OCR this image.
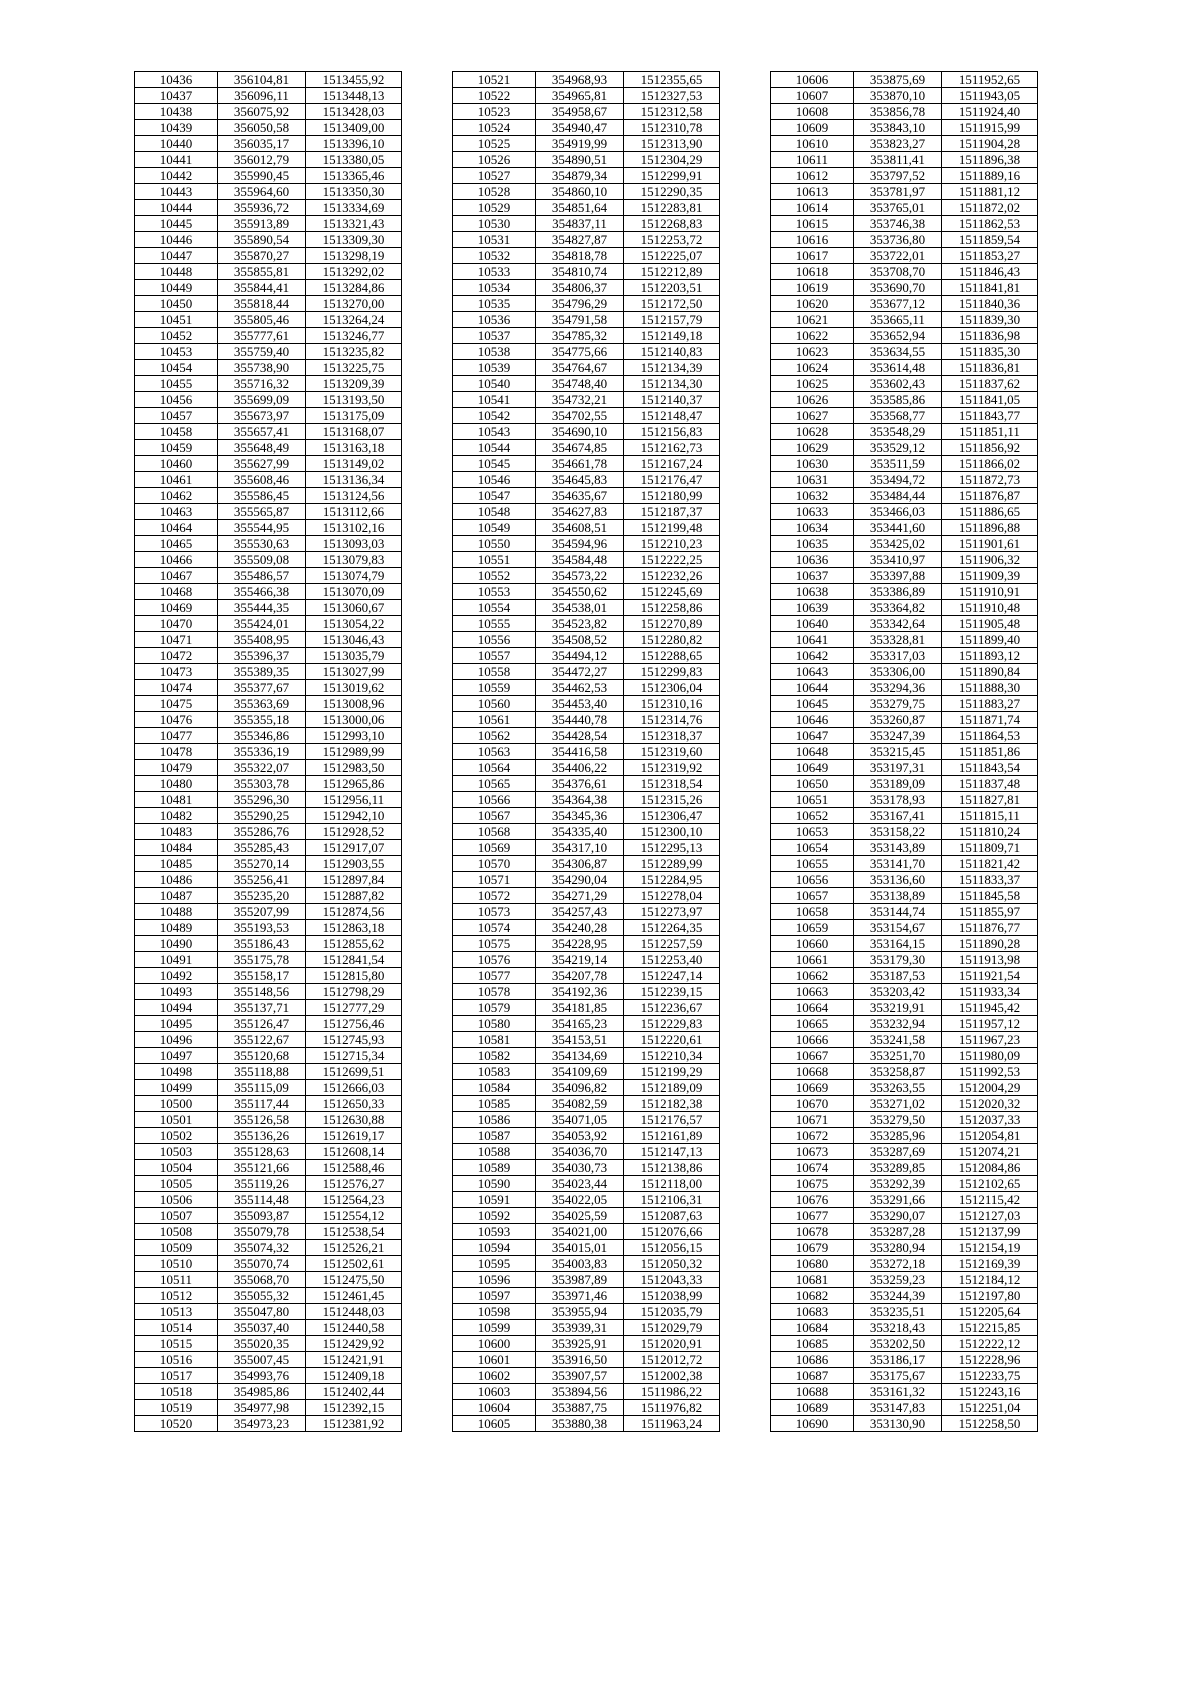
10436	356104,81	1513455,92
10437	356096,11	1513448,13
10438	356075,92	1513428,03
10439	356050,58	1513409,00
10440	356035,17	1513396,10
10441	356012,79	1513380,05
10442	355990,45	1513365,46
10443	355964,60	1513350,30
10444	355936,72	1513334,69
10445	355913,89	1513321,43
10446	355890,54	1513309,30
10447	355870,27	1513298,19
10448	355855,81	1513292,02
10449	355844,41	1513284,86
10450	355818,44	1513270,00
10451	355805,46	1513264,24
10452	355777,61	1513246,77
10453	355759,40	1513235,82
10454	355738,90	1513225,75
10455	355716,32	1513209,39
10456	355699,09	1513193,50
10457	355673,97	1513175,09
10458	355657,41	1513168,07
10459	355648,49	1513163,18
10460	355627,99	1513149,02
10461	355608,46	1513136,34
10462	355586,45	1513124,56
10463	355565,87	1513112,66
10464	355544,95	1513102,16
10465	355530,63	1513093,03
10466	355509,08	1513079,83
10467	355486,57	1513074,79
10468	355466,38	1513070,09
10469	355444,35	1513060,67
10470	355424,01	1513054,22
10471	355408,95	1513046,43
10472	355396,37	1513035,79
10473	355389,35	1513027,99
10474	355377,67	1513019,62
10475	355363,69	1513008,96
10476	355355,18	1513000,06
10477	355346,86	1512993,10
10478	355336,19	1512989,99
10479	355322,07	1512983,50
10480	355303,78	1512965,86
10481	355296,30	1512956,11
10482	355290,25	1512942,10
10483	355286,76	1512928,52
10484	355285,43	1512917,07
10485	355270,14	1512903,55
10486	355256,41	1512897,84
10487	355235,20	1512887,82
10488	355207,99	1512874,56
10489	355193,53	1512863,18
10490	355186,43	1512855,62
10491	355175,78	1512841,54
10492	355158,17	1512815,80
10493	355148,56	1512798,29
10494	355137,71	1512777,29
10495	355126,47	1512756,46
10496	355122,67	1512745,93
10497	355120,68	1512715,34
10498	355118,88	1512699,51
10499	355115,09	1512666,03
10500	355117,44	1512650,33
10501	355126,58	1512630,88
10502	355136,26	1512619,17
10503	355128,63	1512608,14
10504	355121,66	1512588,46
10505	355119,26	1512576,27
10506	355114,48	1512564,23
10507	355093,87	1512554,12
10508	355079,78	1512538,54
10509	355074,32	1512526,21
10510	355070,74	1512502,61
10511	355068,70	1512475,50
10512	355055,32	1512461,45
10513	355047,80	1512448,03
10514	355037,40	1512440,58
10515	355020,35	1512429,92
10516	355007,45	1512421,91
10517	354993,76	1512409,18
10518	354985,86	1512402,44
10519	354977,98	1512392,15
10520	354973,23	1512381,92
10521	354968,93	1512355,65
10522	354965,81	1512327,53
10523	354958,67	1512312,58
10524	354940,47	1512310,78
10525	354919,99	1512313,90
10526	354890,51	1512304,29
10527	354879,34	1512299,91
10528	354860,10	1512290,35
10529	354851,64	1512283,81
10530	354837,11	1512268,83
10531	354827,87	1512253,72
10532	354818,78	1512225,07
10533	354810,74	1512212,89
10534	354806,37	1512203,51
10535	354796,29	1512172,50
10536	354791,58	1512157,79
10537	354785,32	1512149,18
10538	354775,66	1512140,83
10539	354764,67	1512134,39
10540	354748,40	1512134,30
10541	354732,21	1512140,37
10542	354702,55	1512148,47
10543	354690,10	1512156,83
10544	354674,85	1512162,73
10545	354661,78	1512167,24
10546	354645,83	1512176,47
10547	354635,67	1512180,99
10548	354627,83	1512187,37
10549	354608,51	1512199,48
10550	354594,96	1512210,23
10551	354584,48	1512222,25
10552	354573,22	1512232,26
10553	354550,62	1512245,69
10554	354538,01	1512258,86
10555	354523,82	1512270,89
10556	354508,52	1512280,82
10557	354494,12	1512288,65
10558	354472,27	1512299,83
10559	354462,53	1512306,04
10560	354453,40	1512310,16
10561	354440,78	1512314,76
10562	354428,54	1512318,37
10563	354416,58	1512319,60
10564	354406,22	1512319,92
10565	354376,61	1512318,54
10566	354364,38	1512315,26
10567	354345,36	1512306,47
10568	354335,40	1512300,10
10569	354317,10	1512295,13
10570	354306,87	1512289,99
10571	354290,04	1512284,95
10572	354271,29	1512278,04
10573	354257,43	1512273,97
10574	354240,28	1512264,35
10575	354228,95	1512257,59
10576	354219,14	1512253,40
10577	354207,78	1512247,14
10578	354192,36	1512239,15
10579	354181,85	1512236,67
10580	354165,23	1512229,83
10581	354153,51	1512220,61
10582	354134,69	1512210,34
10583	354109,69	1512199,29
10584	354096,82	1512189,09
10585	354082,59	1512182,38
10586	354071,05	1512176,57
10587	354053,92	1512161,89
10588	354036,70	1512147,13
10589	354030,73	1512138,86
10590	354023,44	1512118,00
10591	354022,05	1512106,31
10592	354025,59	1512087,63
10593	354021,00	1512076,66
10594	354015,01	1512056,15
10595	354003,83	1512050,32
10596	353987,89	1512043,33
10597	353971,46	1512038,99
10598	353955,94	1512035,79
10599	353939,31	1512029,79
10600	353925,91	1512020,91
10601	353916,50	1512012,72
10602	353907,57	1512002,38
10603	353894,56	1511986,22
10604	353887,75	1511976,82
10605	353880,38	1511963,24
10606	353875,69	1511952,65
10607	353870,10	1511943,05
10608	353856,78	1511924,40
10609	353843,10	1511915,99
10610	353823,27	1511904,28
10611	353811,41	1511896,38
10612	353797,52	1511889,16
10613	353781,97	1511881,12
10614	353765,01	1511872,02
10615	353746,38	1511862,53
10616	353736,80	1511859,54
10617	353722,01	1511853,27
10618	353708,70	1511846,43
10619	353690,70	1511841,81
10620	353677,12	1511840,36
10621	353665,11	1511839,30
10622	353652,94	1511836,98
10623	353634,55	1511835,30
10624	353614,48	1511836,81
10625	353602,43	1511837,62
10626	353585,86	1511841,05
10627	353568,77	1511843,77
10628	353548,29	1511851,11
10629	353529,12	1511856,92
10630	353511,59	1511866,02
10631	353494,72	1511872,73
10632	353484,44	1511876,87
10633	353466,03	1511886,65
10634	353441,60	1511896,88
10635	353425,02	1511901,61
10636	353410,97	1511906,32
10637	353397,88	1511909,39
10638	353386,89	1511910,91
10639	353364,82	1511910,48
10640	353342,64	1511905,48
10641	353328,81	1511899,40
10642	353317,03	1511893,12
10643	353306,00	1511890,84
10644	353294,36	1511888,30
10645	353279,75	1511883,27
10646	353260,87	1511871,74
10647	353247,39	1511864,53
10648	353215,45	1511851,86
10649	353197,31	1511843,54
10650	353189,09	1511837,48
10651	353178,93	1511827,81
10652	353167,41	1511815,11
10653	353158,22	1511810,24
10654	353143,89	1511809,71
10655	353141,70	1511821,42
10656	353136,60	1511833,37
10657	353138,89	1511845,58
10658	353144,74	1511855,97
10659	353154,67	1511876,77
10660	353164,15	1511890,28
10661	353179,30	1511913,98
10662	353187,53	1511921,54
10663	353203,42	1511933,34
10664	353219,91	1511945,42
10665	353232,94	1511957,12
10666	353241,58	1511967,23
10667	353251,70	1511980,09
10668	353258,87	1511992,53
10669	353263,55	1512004,29
10670	353271,02	1512020,32
10671	353279,50	1512037,33
10672	353285,96	1512054,81
10673	353287,69	1512074,21
10674	353289,85	1512084,86
10675	353292,39	1512102,65
10676	353291,66	1512115,42
10677	353290,07	1512127,03
10678	353287,28	1512137,99
10679	353280,94	1512154,19
10680	353272,18	1512169,39
10681	353259,23	1512184,12
10682	353244,39	1512197,80
10683	353235,51	1512205,64
10684	353218,43	1512215,85
10685	353202,50	1512222,12
10686	353186,17	1512228,96
10687	353175,67	1512233,75
10688	353161,32	1512243,16
10689	353147,83	1512251,04
10690	353130,90	1512258,50
